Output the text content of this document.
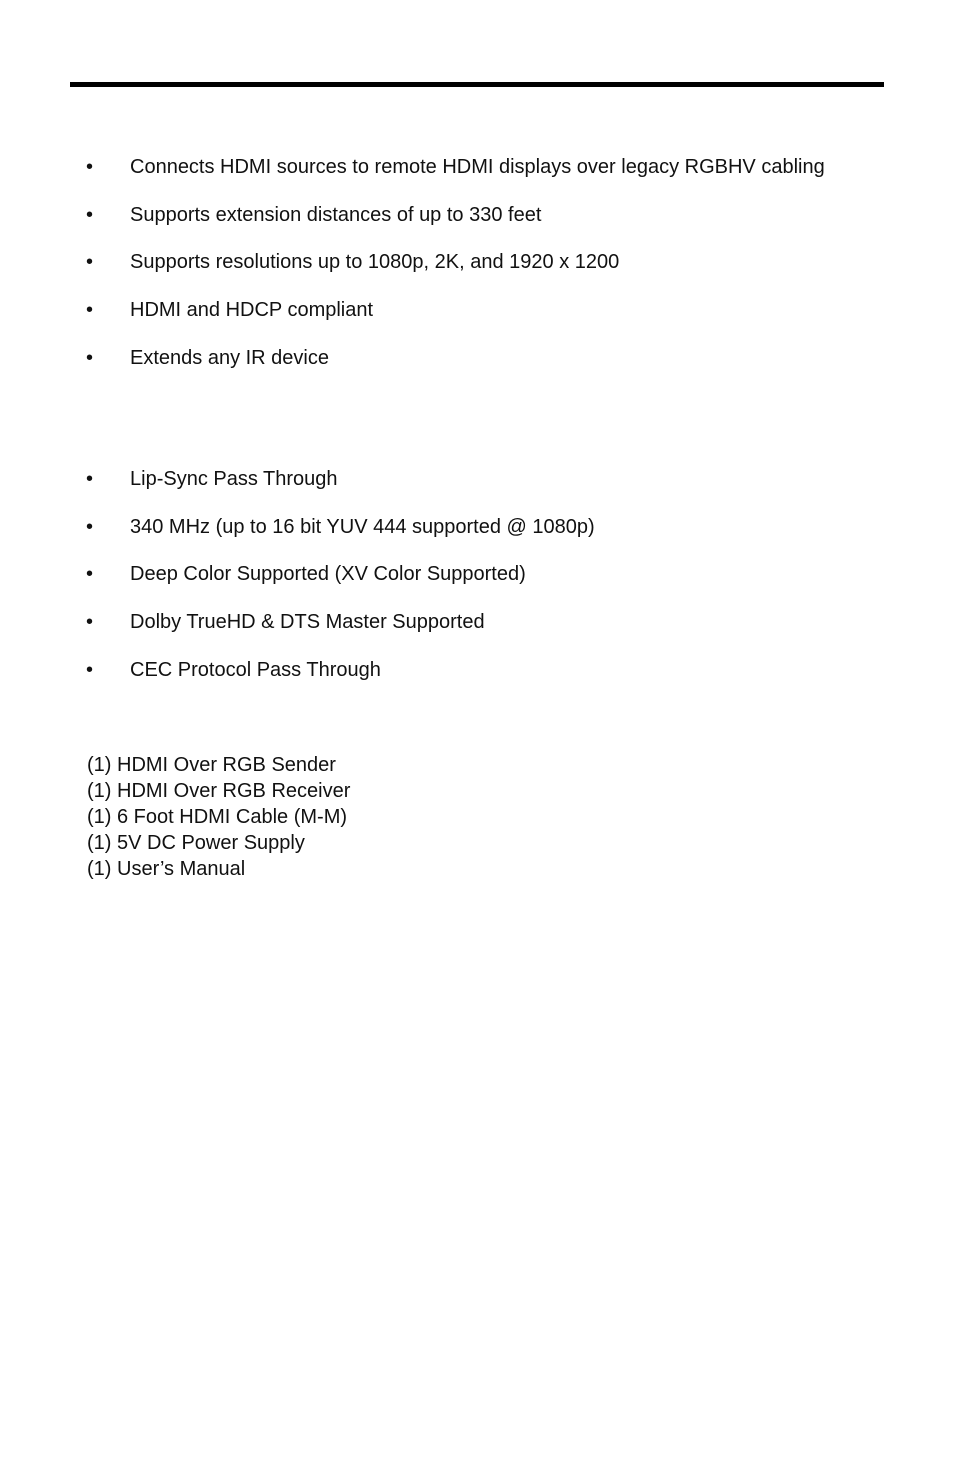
• Connects HDMI sources to remote HDMI displays over legacy RGBHV cabling
• Supports extension distances of up to 330 feet
• Supports resolutions up to 1080p, 2K, and 1920 x 1200
• HDMI and HDCP compliant
• Extends any IR device
• Lip-Sync Pass Through
• 340 MHz (up to 16 bit YUV 444 supported @ 1080p)
• Deep Color Supported (XV Color Supported)
• Dolby TrueHD & DTS Master Supported
• CEC Protocol Pass Through
(1) HDMI Over RGB Sender
(1) HDMI Over RGB Receiver
(1) 6 Foot HDMI Cable (M-M)
(1) 5V DC Power Supply
(1) User’s Manual
